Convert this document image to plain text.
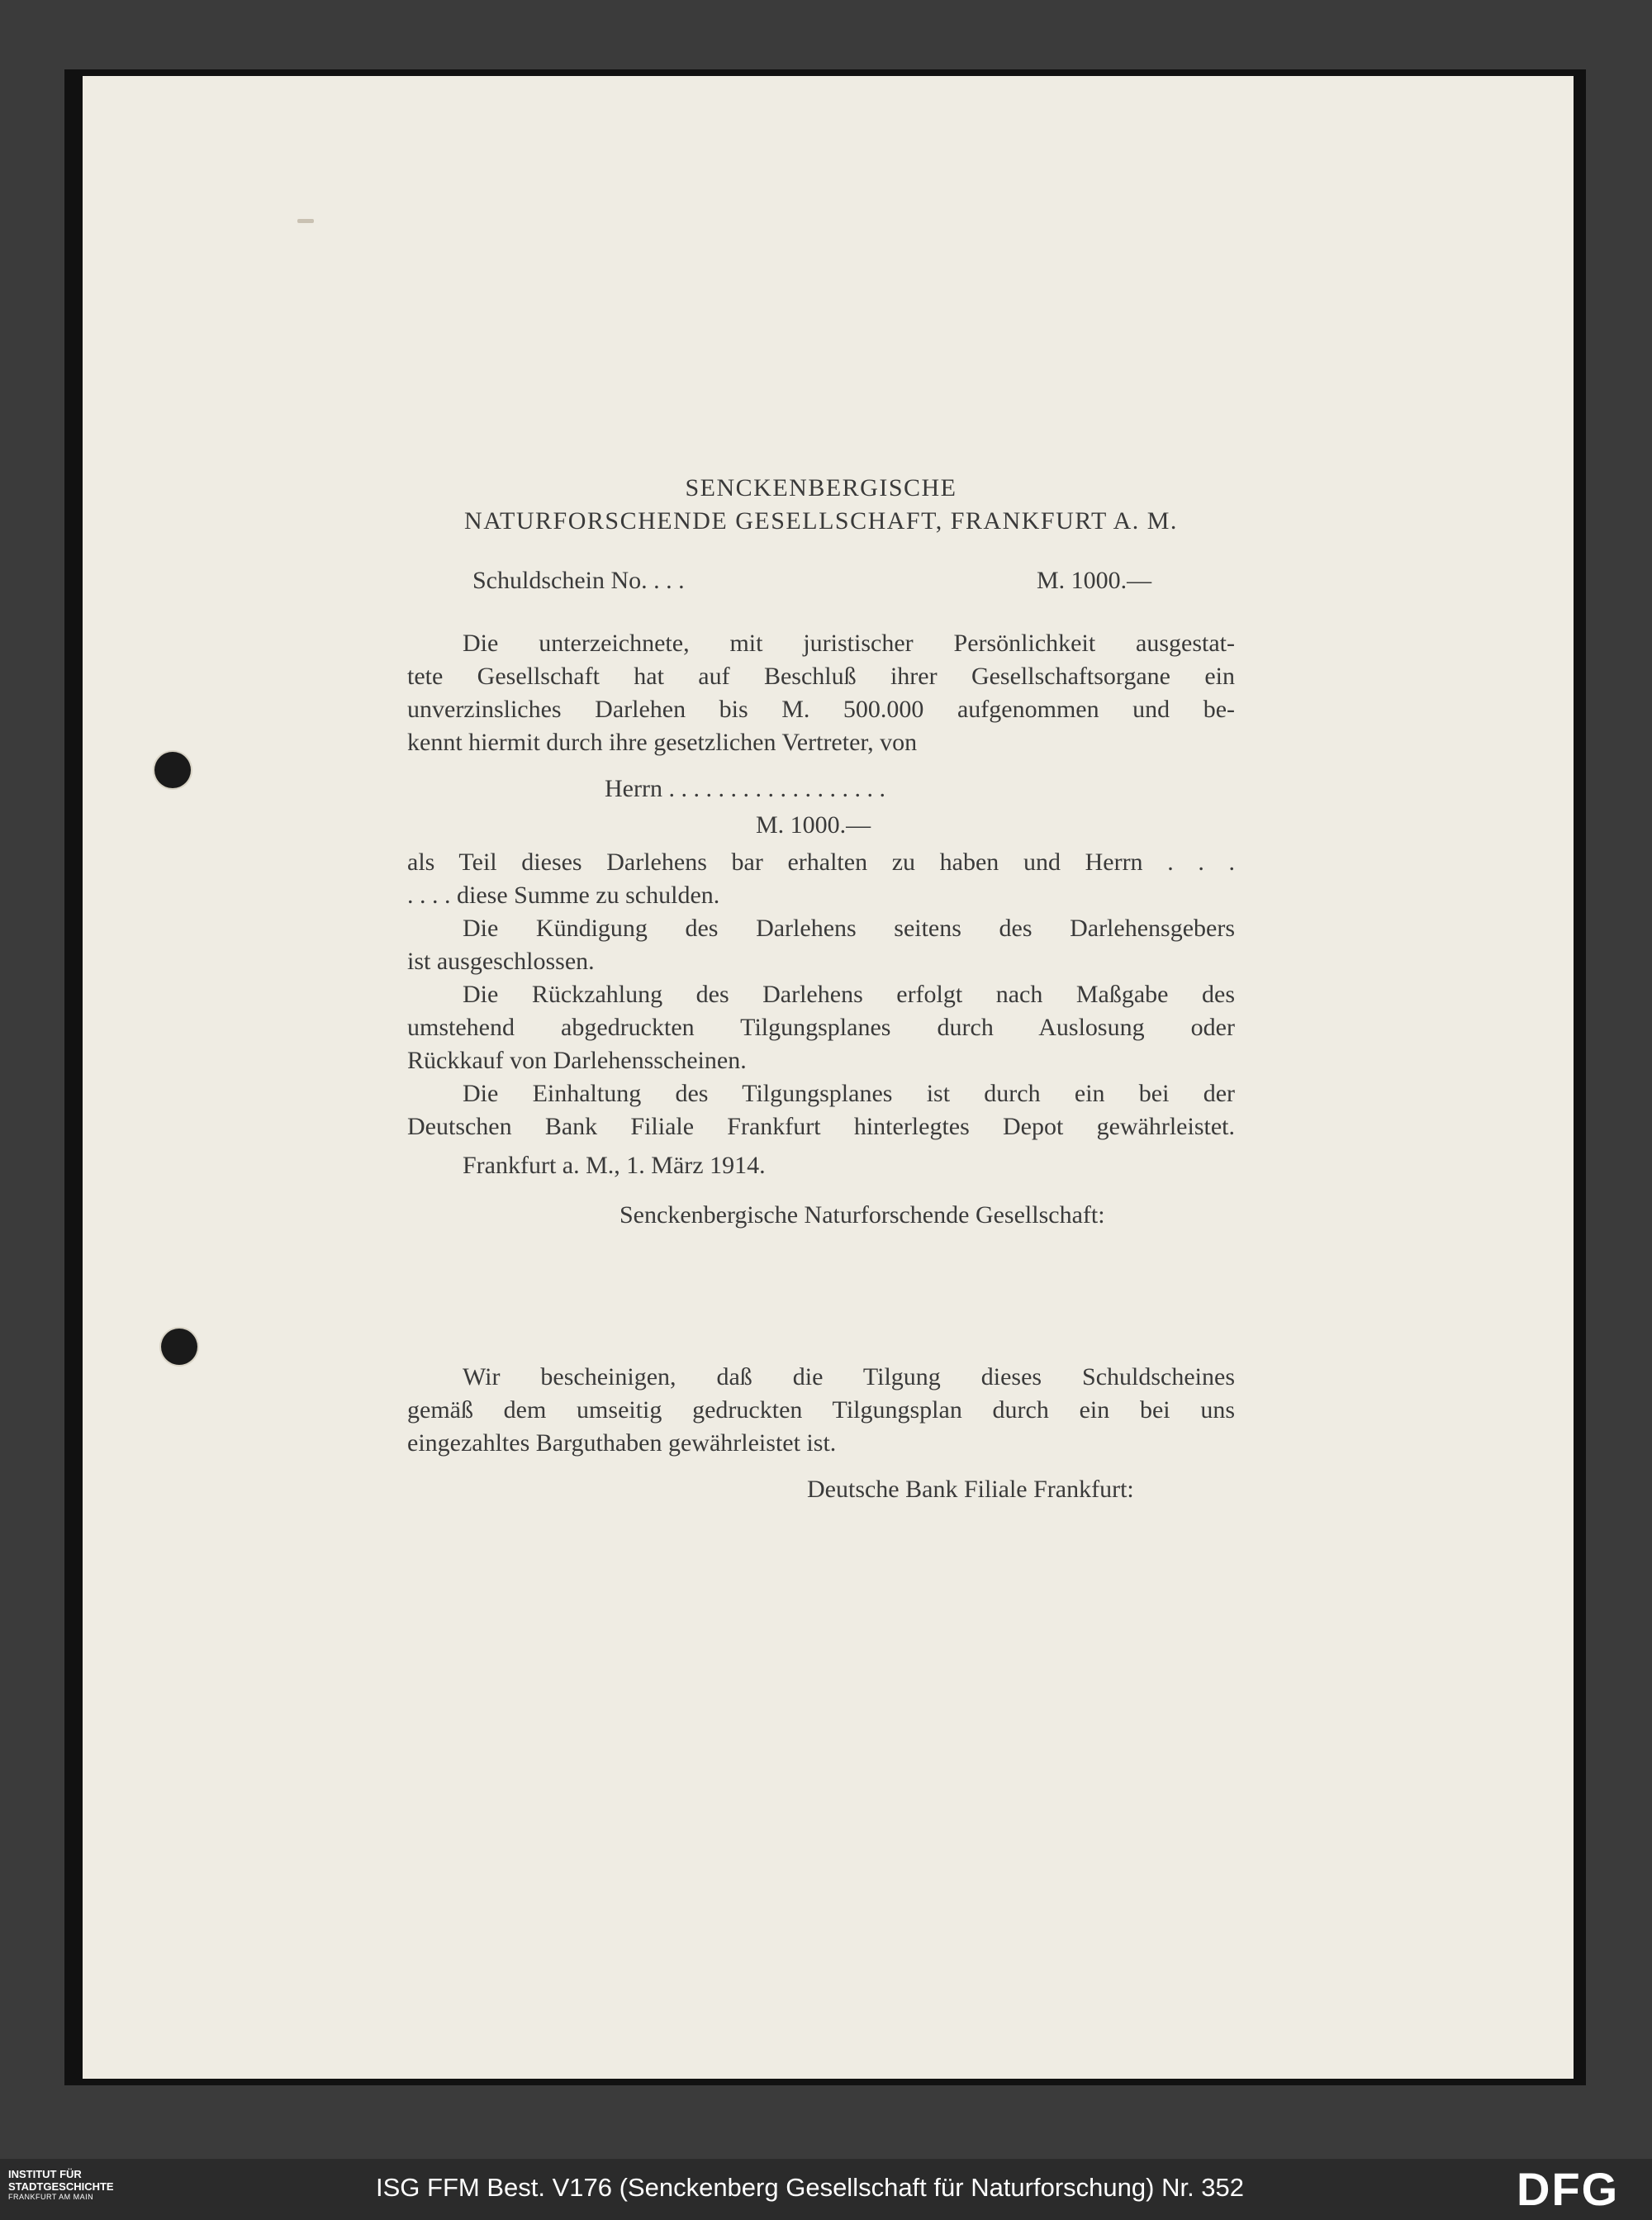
SENCKENBERGISCHE
NATURFORSCHENDE GESELLSCHAFT, FRANKFURT A. M.
Schuldschein No. . . .	M. 1000.—
Die unterzeichnete, mit juristischer Persönlichkeit ausgestat-
tete Gesellschaft hat auf Beschluß ihrer Gesellschaftsorgane ein
unverzinsliches Darlehen bis M. 500.000 aufgenommen und be-
kennt hiermit durch ihre gesetzlichen Vertreter, von
Herrn . . . . . . . . . . . . . . . . . .
M. 1000.—
als Teil dieses Darlehens bar erhalten zu haben und Herrn . . .
. . . . diese Summe zu schulden.
Die Kündigung des Darlehens seitens des Darlehensgebers
ist ausgeschlossen.
Die Rückzahlung des Darlehens erfolgt nach Maßgabe des
umstehend abgedruckten Tilgungsplanes durch Auslosung oder
Rückkauf von Darlehensscheinen.
Die Einhaltung des Tilgungsplanes ist durch ein bei der
Deutschen Bank Filiale Frankfurt hinterlegtes Depot gewährleistet.
Frankfurt a. M., 1. März 1914.
Senckenbergische Naturforschende Gesellschaft:
Wir bescheinigen, daß die Tilgung dieses Schuldscheines
gemäß dem umseitig gedruckten Tilgungsplan durch ein bei uns
eingezahltes Barguthaben gewährleistet ist.
Deutsche Bank Filiale Frankfurt:
INSTITUT FÜR
STADTGESCHICHTE
FRANKFURT AM MAIN	ISG FFM Best. V176 (Senckenberg Gesellschaft für Naturforschung) Nr. 352	DFG
